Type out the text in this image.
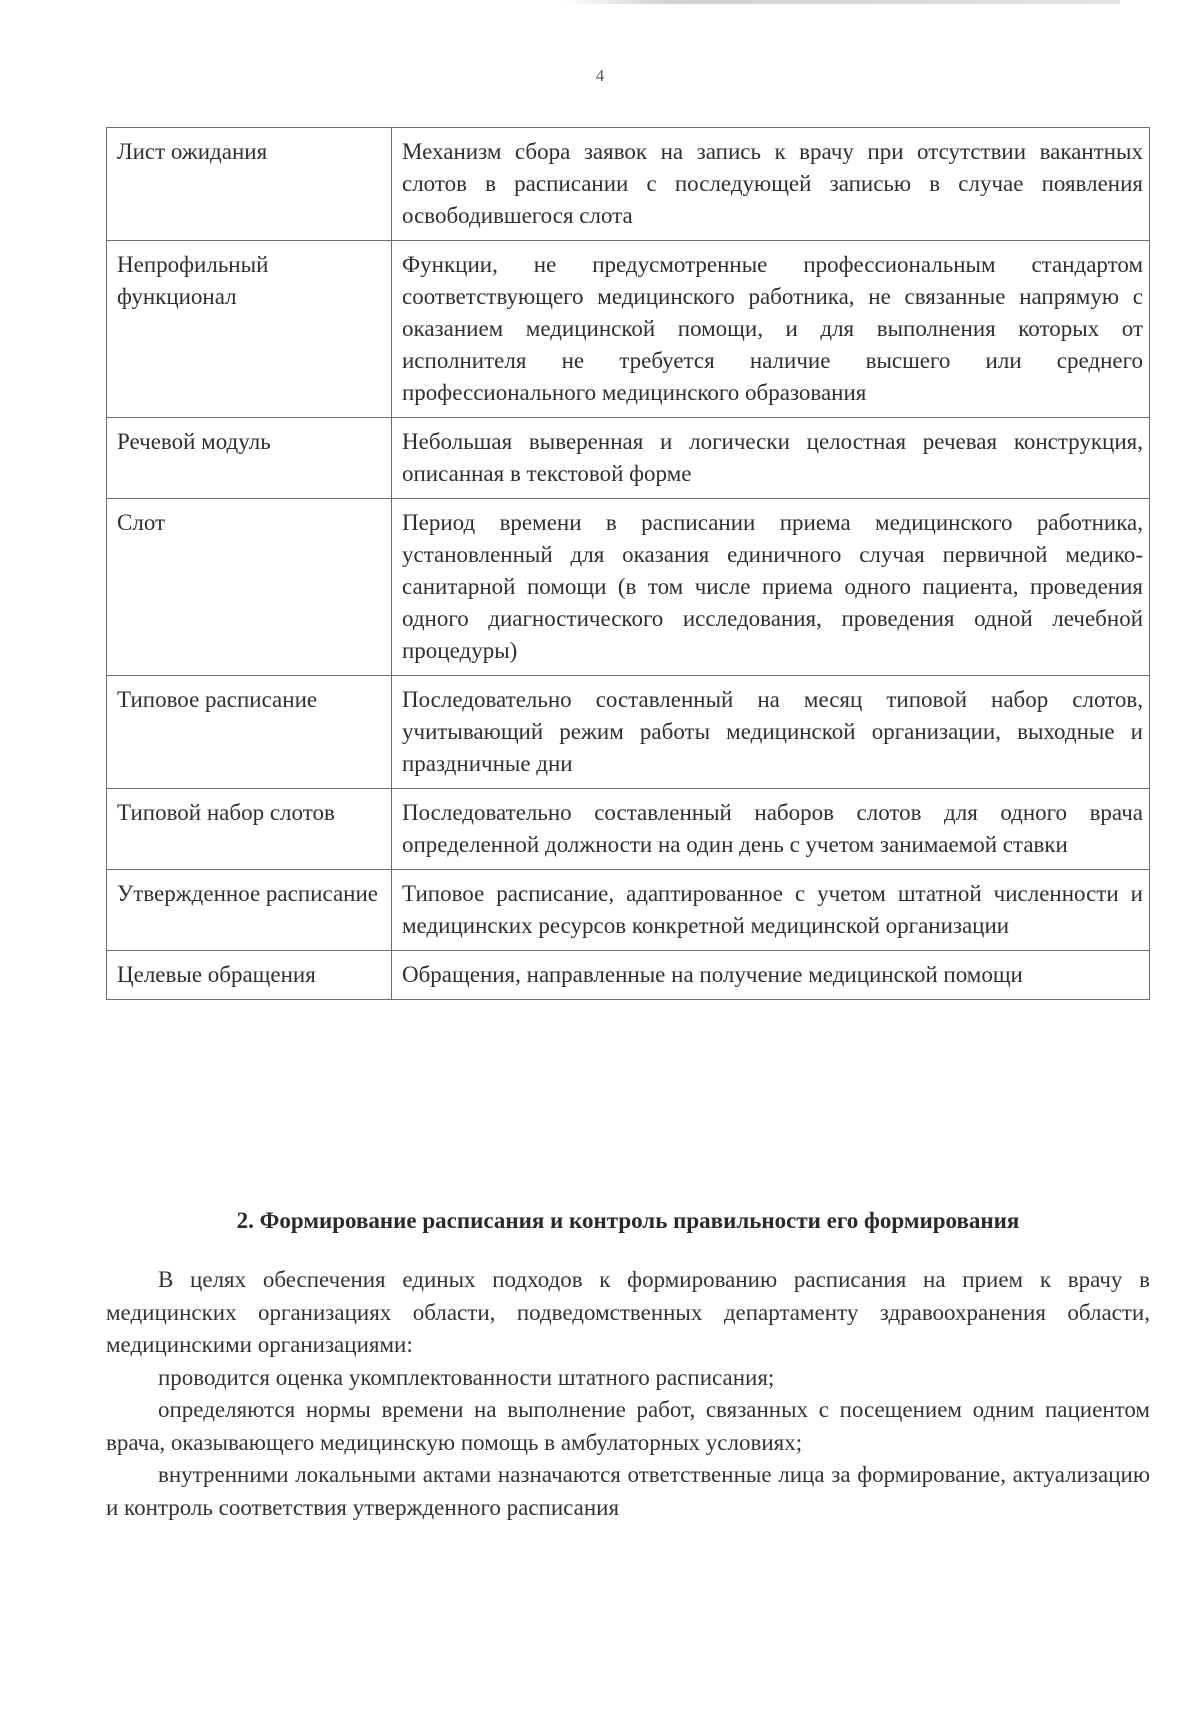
4
Лист ожидания	Механизм сбора заявок на запись к врачу при отсутствии вакантных слотов в расписании с последующей записью в случае появления освободившегося слота
Непрофильный функционал	Функции, не предусмотренные профессиональным стандартом соответствующего медицинского работника, не связанные напрямую с оказанием медицинской помощи, и для выполнения которых от исполнителя не требуется наличие высшего или среднего профессионального медицинского образования
Речевой модуль	Небольшая выверенная и логически целостная речевая конструкция, описанная в текстовой форме
Слот	Период времени в расписании приема медицинского работника, установленный для оказания единичного случая первичной медико-санитарной помощи (в том числе приема одного пациента, проведения одного диагностического исследования, проведения одной лечебной процедуры)
Типовое расписание	Последовательно составленный на месяц типовой набор слотов, учитывающий режим работы медицинской организации, выходные и праздничные дни
Типовой набор слотов	Последовательно составленный наборов слотов для одного врача определенной должности на один день с учетом занимаемой ставки
Утвержденное расписание	Типовое расписание, адаптированное с учетом штатной численности и медицинских ресурсов конкретной медицинской организации
Целевые обращения	Обращения, направленные на получение медицинской помощи
2. Формирование расписания и контроль правильности его формирования

В целях обеспечения единых подходов к формированию расписания на прием к врачу в медицинских организациях области, подведомственных департаменту здравоохранения области, медицинскими организациями:

проводится оценка укомплектованности штатного расписания;

определяются нормы времени на выполнение работ, связанных с посещением одним пациентом врача, оказывающего медицинскую помощь в амбулаторных условиях;

внутренними локальными актами назначаются ответственные лица за формирование, актуализацию и контроль соответствия утвержденного расписания
